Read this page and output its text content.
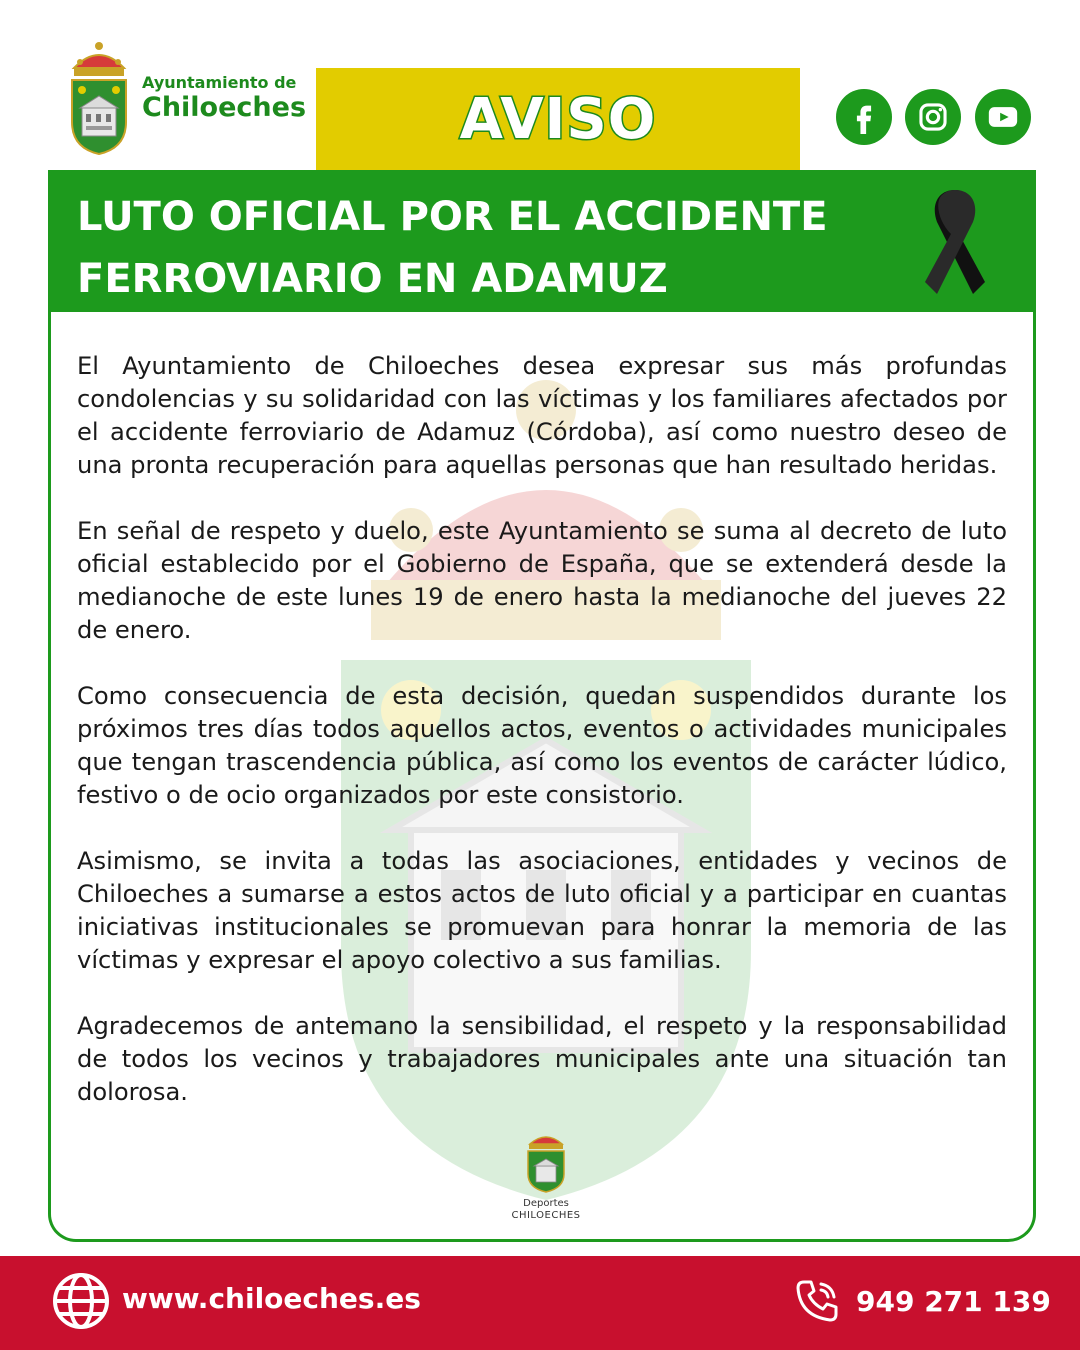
Ayuntamiento de
Chiloeches	AVISO
LUTO OFICIAL POR EL ACCIDENTE
FERROVIARIO EN ADAMUZ (CÓRDOBA)

El Ayuntamiento de Chiloeches desea expresar sus más profundas condolencias y su solidaridad con las víctimas y los familiares afectados por el accidente ferroviario de Adamuz (Córdoba), así como nuestro deseo de una pronta recuperación para aquellas personas que han resultado heridas.

En señal de respeto y duelo, este Ayuntamiento se suma al decreto de luto oficial establecido por el Gobierno de España, que se extenderá desde la medianoche de este lunes 19 de enero hasta la medianoche del jueves 22 de enero.

Como consecuencia de esta decisión, quedan suspendidos durante los próximos tres días todos aquellos actos, eventos o actividades municipales que tengan trascendencia pública, así como los eventos de carácter lúdico, festivo o de ocio organizados por este consistorio.

Asimismo, se invita a todas las asociaciones, entidades y vecinos de Chiloeches a sumarse a estos actos de luto oficial y a participar en cuantas iniciativas institucionales se promuevan para honrar la memoria de las víctimas y expresar el apoyo colectivo a sus familias.

Agradecemos de antemano la sensibilidad, el respeto y la responsabilidad de todos los vecinos y trabajadores municipales ante una situación tan dolorosa.

Deportes
CHILOECHES
www.chiloeches.es	949 271 139
